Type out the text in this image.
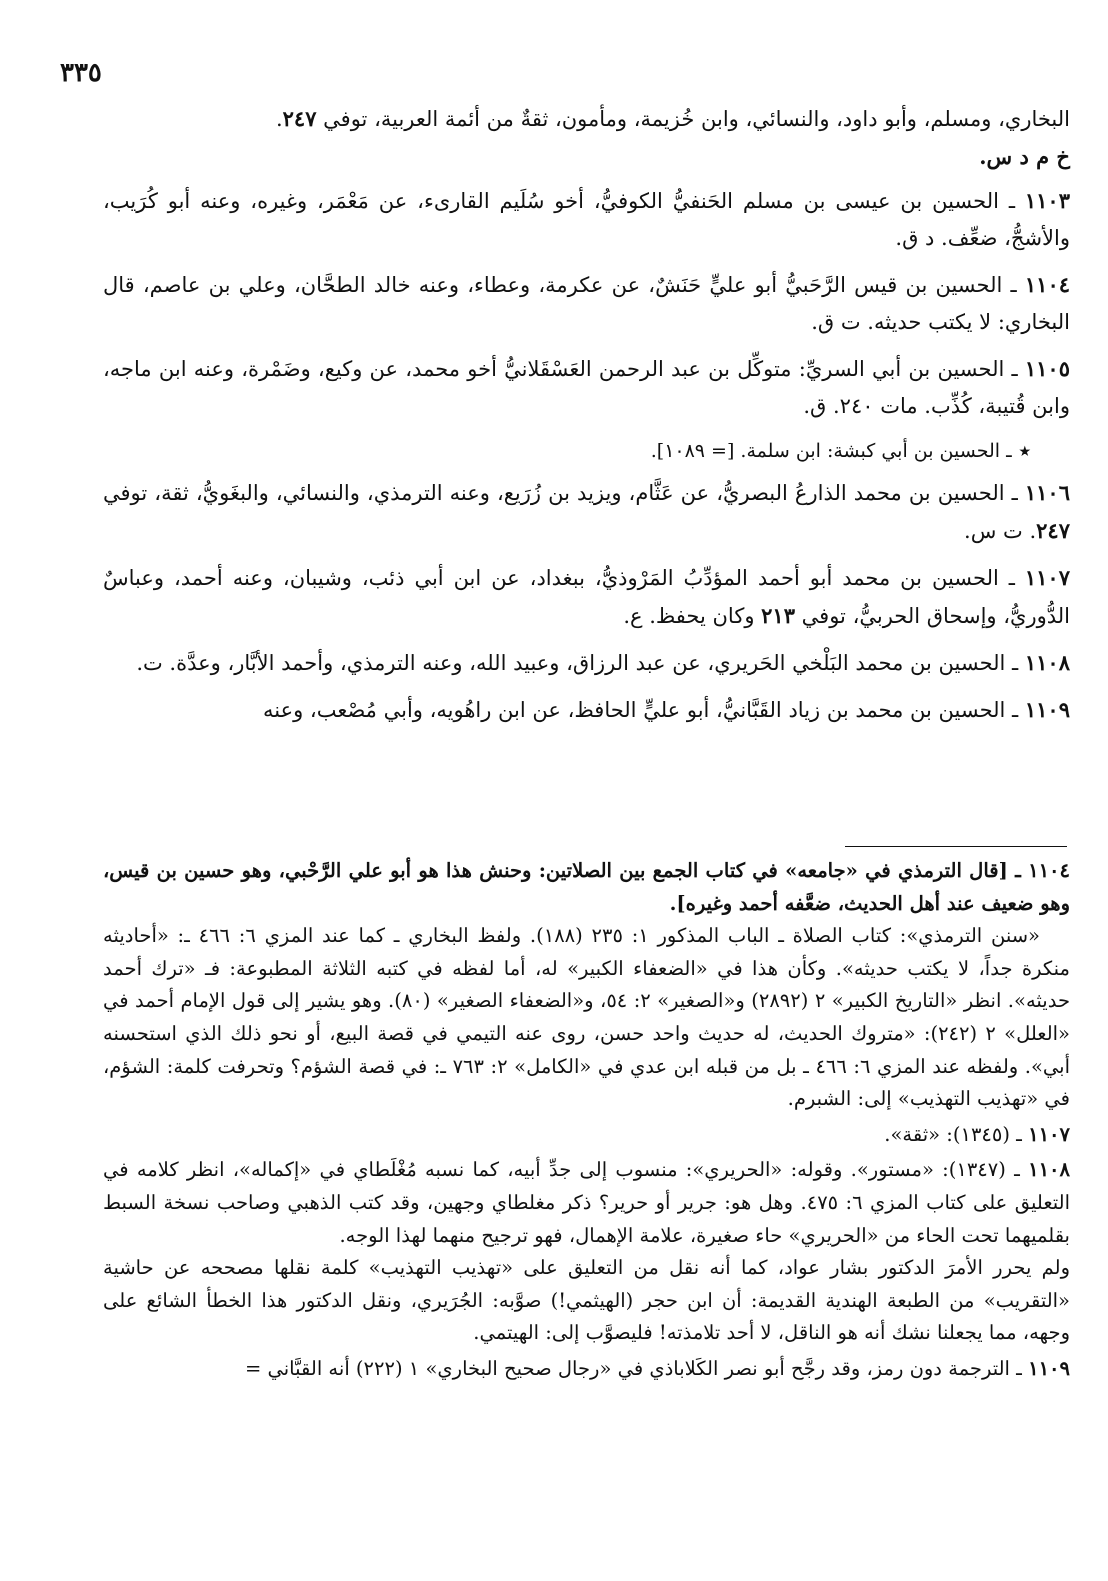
٣٣٥
البخاري، ومسلم، وأبو داود، والنسائي، وابن خُزيمة، ومأمون، ثقةٌ من أئمة العربية، توفي ٢٤٧.
خ م د س.
١١٠٣ ـ الحسين بن عيسى بن مسلم الحَنفيُّ الكوفيُّ، أخو سُلَيم القارىء، عن مَعْمَر، وغيره، وعنه أبو كُرَيب، والأشجُّ، ضعِّف. د ق.
١١٠٤ ـ الحسين بن قيس الرَّحَبيُّ أبو عليٍّ حَنَشٌ، عن عكرمة، وعطاء، وعنه خالد الطحَّان، وعلي بن عاصم، قال البخاري: لا يكتب حديثه. ت ق.
١١٠٥ ـ الحسين بن أبي السريِّ: متوكِّل بن عبد الرحمن العَسْقَلانيُّ أخو محمد، عن وكيع، وضَمْرة، وعنه ابن ماجه، وابن قُتيبة، كُذِّب. مات ٢٤٠. ق.
٭ـ الحسين بن أبي كبشة: ابن سلمة. [= ١٠٨٩].
١١٠٦ ـ الحسين بن محمد الذارعُ البصريُّ، عن عَثَّام، ويزيد بن زُرَيع، وعنه الترمذي، والنسائي، والبغَويُّ، ثقة، توفي ٢٤٧. ت س.
١١٠٧ ـ الحسين بن محمد أبو أحمد المؤدِّبُ المَرْوذيُّ، ببغداد، عن ابن أبي ذئب، وشيبان، وعنه أحمد، وعباسٌ الدُّوريُّ، وإسحاق الحربيُّ، توفي ٢١٣ وكان يحفظ. ع.
١١٠٨ ـ الحسين بن محمد البَلْخي الحَريري، عن عبد الرزاق، وعبيد الله، وعنه الترمذي، وأحمد الأبَّار، وعدَّة. ت.
١١٠٩ ـ الحسين بن محمد بن زياد القَبَّانيُّ، أبو عليٍّ الحافظ، عن ابن راهُويه، وأبي مُصْعب، وعنه

١١٠٤ ـ [قال الترمذي في «جامعه» في كتاب الجمع بين الصلاتين: وحنش هذا هو أبو علي الرَّحْبي، وهو حسين بن قيس، وهو ضعيف عند أهل الحديث، ضعَّفه أحمد وغيره].

«سنن الترمذي»: كتاب الصلاة ـ الباب المذكور ١: ٢٣٥ (١٨٨). ولفظ البخاري ـ كما عند المزي ٦: ٤٦٦ ـ: «أحاديثه منكرة جداً، لا يكتب حديثه». وكأن هذا في «الضعفاء الكبير» له، أما لفظه في كتبه الثلاثة المطبوعة: فـ «ترك أحمد حديثه». انظر «التاريخ الكبير» ٢ (٢٨٩٢) و«الصغير» ٢: ٥٤، و«الضعفاء الصغير» (٨٠). وهو يشير إلى قول الإمام أحمد في «العلل» ٢ (٢٤٢): «متروك الحديث، له حديث واحد حسن، روى عنه التيمي في قصة البيع، أو نحو ذلك الذي استحسنه أبي». ولفظه عند المزي ٦: ٤٦٦ ـ بل من قبله ابن عدي في «الكامل» ٢: ٧٦٣ ـ: في قصة الشؤم؟ وتحرفت كلمة: الشؤم، في «تهذيب التهذيب» إلى: الشبرم.

١١٠٧ ـ (١٣٤٥): «ثقة».

١١٠٨ ـ (١٣٤٧): «مستور». وقوله: «الحريري»: منسوب إلى جدِّ أبيه، كما نسبه مُغْلَطاي في «إكماله»، انظر كلامه في التعليق على كتاب المزي ٦: ٤٧٥. وهل هو: جرير أو حرير؟ ذكر مغلطاي وجهين، وقد كتب الذهبي وصاحب نسخة السبط بقلميهما تحت الحاء من «الحريري» حاء صغيرة، علامة الإهمال، فهو ترجيح منهما لهذا الوجه.

ولم يحرر الأمرَ الدكتور بشار عواد، كما أنه نقل من التعليق على «تهذيب التهذيب» كلمة نقلها مصححه عن حاشية «التقريب» من الطبعة الهندية القديمة: أن ابن حجر (الهيثمي!) صوَّبه: الجُرَيري، ونقل الدكتور هذا الخطأ الشائع على وجهه، مما يجعلنا نشك أنه هو الناقل، لا أحد تلامذته! فليصوَّب إلى: الهيتمي.

١١٠٩ ـ الترجمة دون رمز، وقد رجَّح أبو نصر الكَلاباذي في «رجال صحيح البخاري» ١ (٢٢٢) أنه القبَّاني =
